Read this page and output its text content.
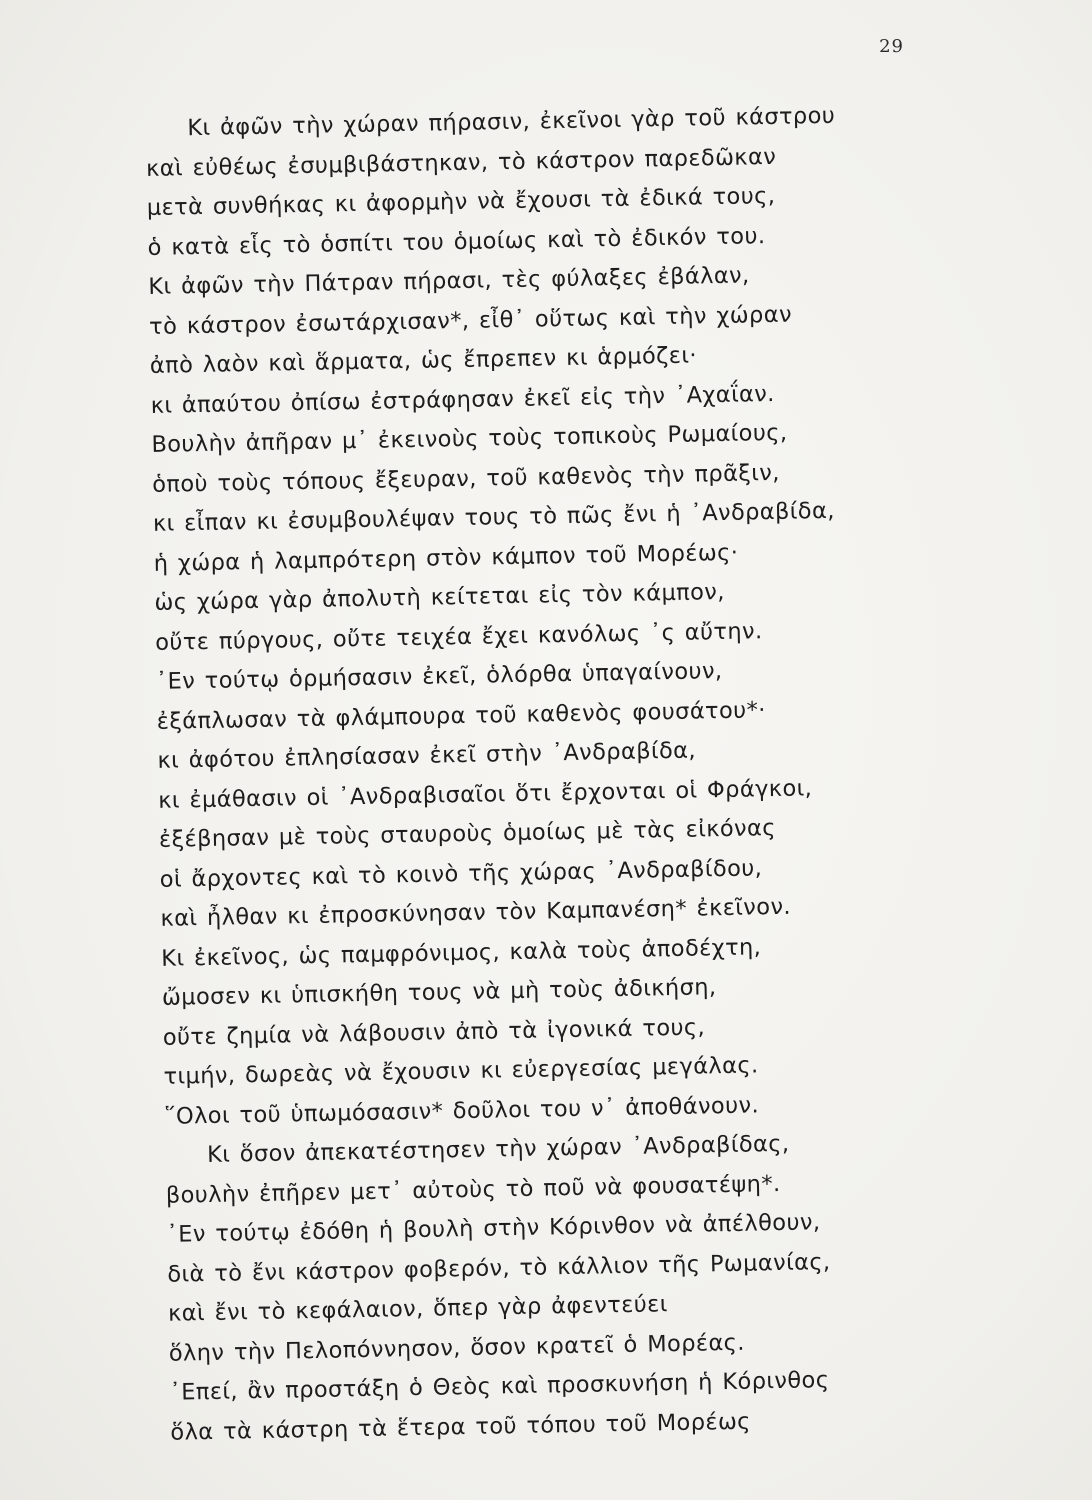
29
Κι ἀφῶν τὴν χώραν πήρασιν, ἐκεῖνοι γὰρ τοῦ κάστρου
καὶ εὐθέως ἐσυμβιβάστηκαν, τὸ κάστρον παρεδῶκαν
μετὰ συνθήκας κι ἀφορμὴν νὰ ἔχουσι τὰ ἐδικά τους,
ὁ κατὰ εἷς τὸ ὁσπίτι του ὁμοίως καὶ τὸ ἐδικόν του.
Κι ἀφῶν τὴν Πάτραν πήρασι, τὲς φύλαξες ἐβάλαν,
τὸ κάστρον ἐσωτάρχισαν*, εἶθ᾿ οὕτως καὶ τὴν χώραν
ἀπὸ λαὸν καὶ ἅρματα, ὡς ἔπρεπεν κι ἁρμόζει·
κι ἀπαύτου ὀπίσω ἐστράφησαν ἐκεῖ εἰς τὴν ᾿Αχαΐαν.
Βουλὴν ἀπῆραν μ᾿ ἐκεινοὺς τοὺς τοπικοὺς Ρωμαίους,
ὁποὺ τοὺς τόπους ἔξευραν, τοῦ καθενὸς τὴν πρᾶξιν,
κι εἶπαν κι ἐσυμβουλέψαν τους τὸ πῶς ἔνι ἡ ᾿Ανδραβίδα,
ἡ χώρα ἡ λαμπρότερη στὸν κάμπον τοῦ Μορέως·
ὡς χώρα γὰρ ἀπολυτὴ κείτεται εἰς τὸν κάμπον,
οὔτε πύργους, οὔτε τειχέα ἔχει κανόλως ᾿ς αὔτην.
᾿Εν τούτῳ ὁρμήσασιν ἐκεῖ, ὁλόρθα ὑπαγαίνουν,
ἐξάπλωσαν τὰ φλάμπουρα τοῦ καθενὸς φουσάτου*·
κι ἀφότου ἐπλησίασαν ἐκεῖ στὴν ᾿Ανδραβίδα,
κι ἐμάθασιν οἱ ᾿Ανδραβισαῖοι ὅτι ἔρχονται οἱ Φράγκοι,
ἐξέβησαν μὲ τοὺς σταυροὺς ὁμοίως μὲ τὰς εἰκόνας
οἱ ἄρχοντες καὶ τὸ κοινὸ τῆς χώρας ᾿Ανδραβίδου,
καὶ ἦλθαν κι ἐπροσκύνησαν τὸν Καμπανέση* ἐκεῖνον.
Κι ἐκεῖνος, ὡς παμφρόνιμος, καλὰ τοὺς ἀποδέχτη,
ὤμοσεν κι ὑπισκήθη τους νὰ μὴ τοὺς ἀδικήση,
οὔτε ζημία νὰ λάβουσιν ἀπὸ τὰ ἰγονικά τους,
τιμήν, δωρεὰς νὰ ἔχουσιν κι εὐεργεσίας μεγάλας.
῞Ολοι τοῦ ὑπωμόσασιν* δοῦλοι του ν᾿ ἀποθάνουν.
Κι ὅσον ἀπεκατέστησεν τὴν χώραν ᾿Ανδραβίδας,
βουλὴν ἐπῆρεν μετ᾿ αὐτοὺς τὸ ποῦ νὰ φουσατέψη*.
᾿Εν τούτῳ ἐδόθη ἡ βουλὴ στὴν Κόρινθον νὰ ἀπέλθουν,
διὰ τὸ ἔνι κάστρον φοβερόν, τὸ κάλλιον τῆς Ρωμανίας,
καὶ ἔνι τὸ κεφάλαιον, ὅπερ γὰρ ἀφεντεύει
ὅλην τὴν Πελοπόννησον, ὅσον κρατεῖ ὁ Μορέας.
᾿Επεί, ἂν προστάξη ὁ Θεὸς καὶ προσκυνήση ἡ Κόρινθος
ὅλα τὰ κάστρη τὰ ἕτερα τοῦ τόπου τοῦ Μορέως
